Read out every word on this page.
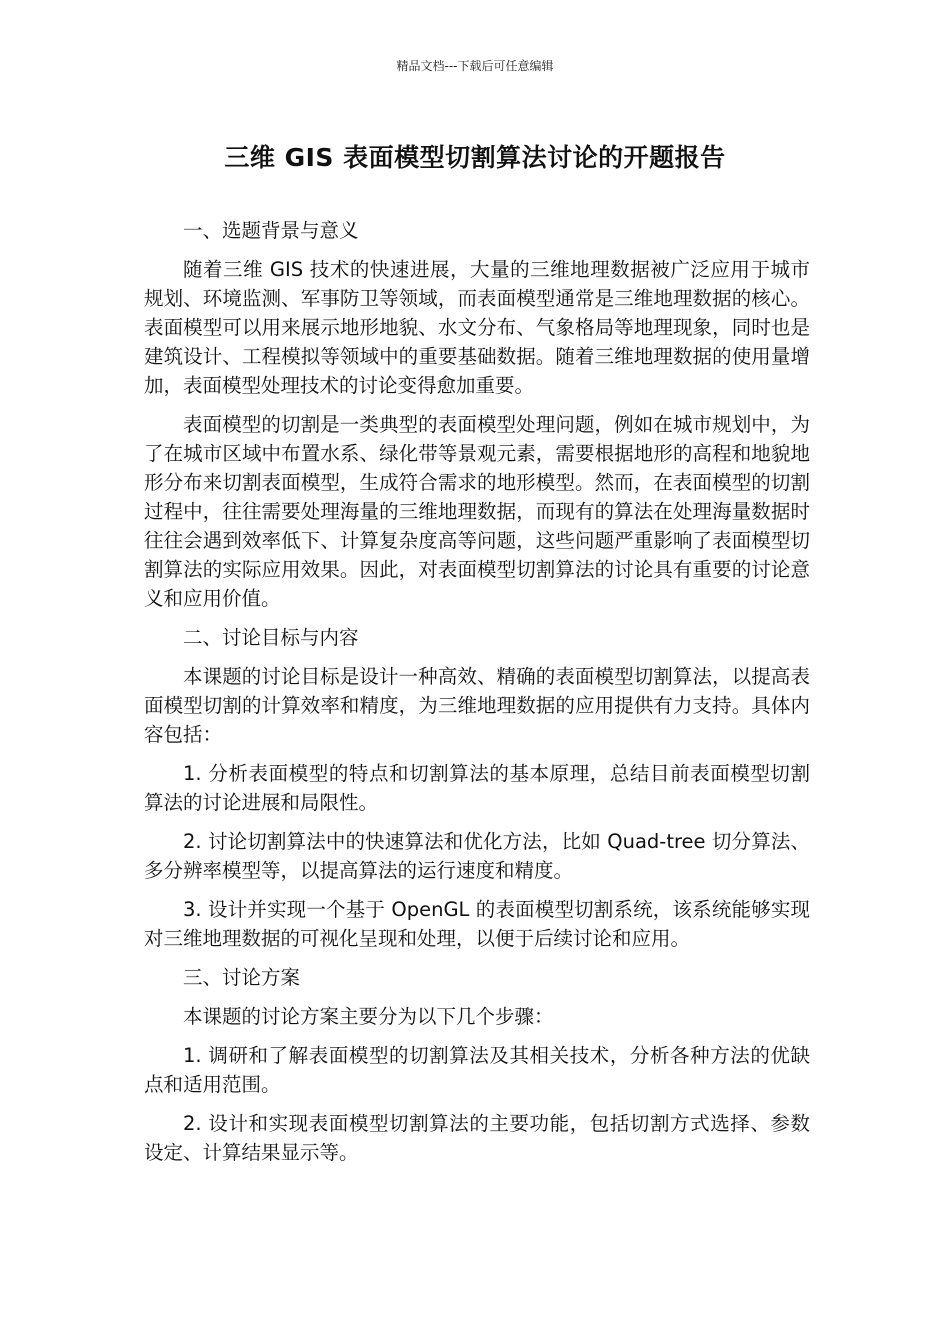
精品文档---下载后可任意编辑
三维 GIS 表面模型切割算法讨论的开题报告

一、选题背景与意义

随着三维 GIS 技术的快速进展，大量的三维地理数据被广泛应用于城市规划、环境监测、军事防卫等领域，而表面模型通常是三维地理数据的核心。表面模型可以用来展示地形地貌、水文分布、气象格局等地理现象，同时也是建筑设计、工程模拟等领域中的重要基础数据。随着三维地理数据的使用量增加，表面模型处理技术的讨论变得愈加重要。

表面模型的切割是一类典型的表面模型处理问题，例如在城市规划中，为了在城市区域中布置水系、绿化带等景观元素，需要根据地形的高程和地貌地形分布来切割表面模型，生成符合需求的地形模型。然而，在表面模型的切割过程中，往往需要处理海量的三维地理数据，而现有的算法在处理海量数据时往往会遇到效率低下、计算复杂度高等问题，这些问题严重影响了表面模型切割算法的实际应用效果。因此，对表面模型切割算法的讨论具有重要的讨论意义和应用价值。

二、讨论目标与内容

本课题的讨论目标是设计一种高效、精确的表面模型切割算法，以提高表面模型切割的计算效率和精度，为三维地理数据的应用提供有力支持。具体内容包括：

1. 分析表面模型的特点和切割算法的基本原理，总结目前表面模型切割算法的讨论进展和局限性。

2. 讨论切割算法中的快速算法和优化方法，比如 Quad-tree 切分算法、多分辨率模型等，以提高算法的运行速度和精度。

3. 设计并实现一个基于 OpenGL 的表面模型切割系统，该系统能够实现对三维地理数据的可视化呈现和处理，以便于后续讨论和应用。

三、讨论方案

本课题的讨论方案主要分为以下几个步骤：

1. 调研和了解表面模型的切割算法及其相关技术，分析各种方法的优缺点和适用范围。

2. 设计和实现表面模型切割算法的主要功能，包括切割方式选择、参数设定、计算结果显示等。
